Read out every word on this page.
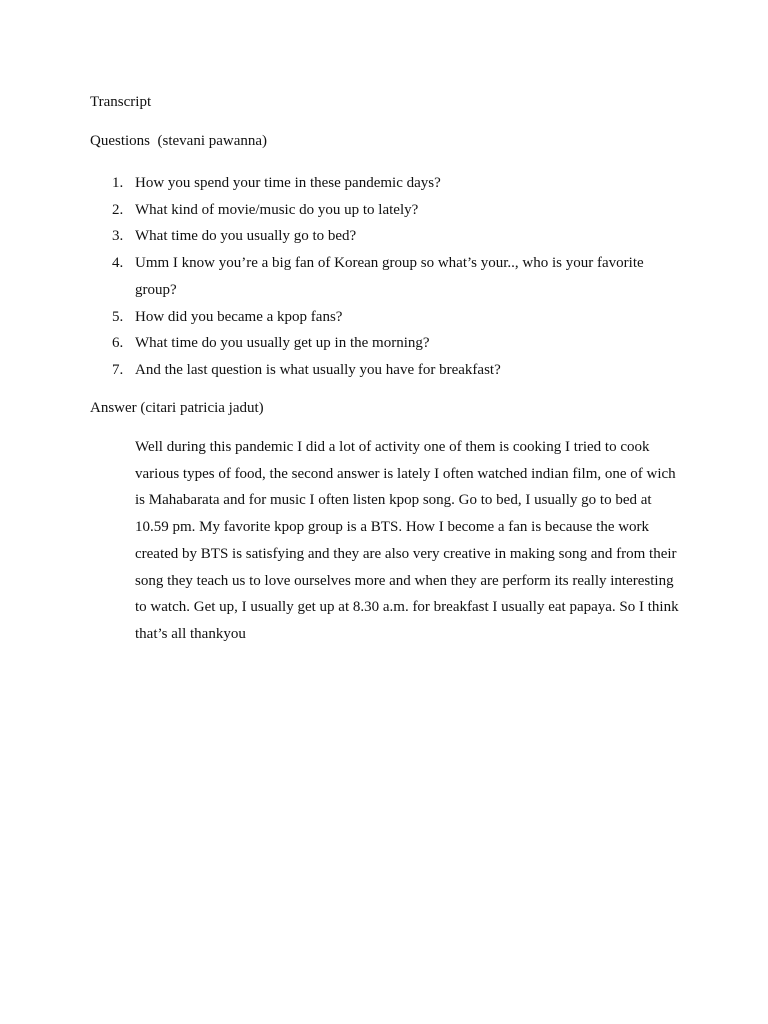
Transcript

Questions  (stevani pawanna)

1. How you spend your time in these pandemic days?
2. What kind of movie/music do you up to lately?
3. What time do you usually go to bed?
4. Umm I know you’re a big fan of Korean group so what’s your.., who is your favorite group?
5. How did you became a kpop fans?
6. What time do you usually get up in the morning?
7. And the last question is what usually you have for breakfast?

Answer (citari patricia jadut)

Well during this pandemic I did a lot of activity one of them is cooking I tried to cook various types of food, the second answer is lately I often watched indian film, one of wich is Mahabarata and for music I often listen kpop song. Go to bed, I usually go to bed at 10.59 pm. My favorite kpop group is a BTS. How I become a fan is because the work created by BTS is satisfying and they are also very creative in making song and from their song they teach us to love ourselves more and when they are perform its really interesting to watch. Get up, I usually get up at 8.30 a.m. for breakfast I usually eat papaya. So I think that’s all thankyou
